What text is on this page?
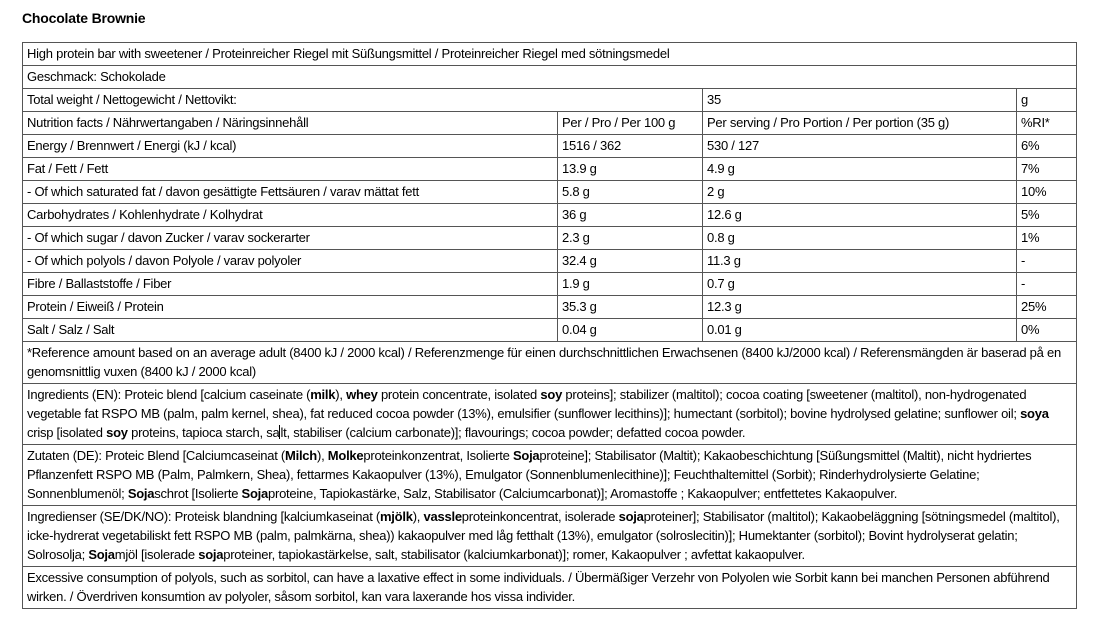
Chocolate Brownie
High protein bar with sweetener / Proteinreicher Riegel mit Süßungsmittel / Proteinreicher Riegel med sötningsmedel			
Geschmack: Schokolade			
Total weight / Nettogewicht / Nettovikt:		35	g
Nutrition facts / Nährwertangaben / Näringsinnehåll	Per / Pro / Per 100 g	Per serving / Pro Portion / Per portion (35 g)	%RI*
Energy / Brennwert / Energi (kJ / kcal)	1516 / 362	530 / 127	6%
Fat / Fett / Fett	13.9 g	4.9 g	7%
- Of which saturated fat / davon gesättigte Fettsäuren / varav mättat fett	5.8 g	2 g	10%
Carbohydrates / Kohlenhydrate / Kolhydrat	36 g	12.6 g	5%
- Of which sugar / davon Zucker / varav sockerarter	2.3 g	0.8 g	1%
- Of which polyols / davon Polyole / varav polyoler	32.4 g	11.3 g	-
Fibre / Ballaststoffe / Fiber	1.9 g	0.7 g	-
Protein / Eiweiß / Protein	35.3 g	12.3 g	25%
Salt / Salz / Salt	0.04 g	0.01 g	0%
*Reference amount based on an average adult (8400 kJ / 2000 kcal) / Referenzmenge für einen durchschnittlichen Erwachsenen (8400 kJ/2000 kcal) / Referensmängden är baserad på en genomsnittlig vuxen (8400 kJ / 2000 kcal)			
Ingredients (EN): Proteic blend [calcium caseinate (milk), whey protein concentrate, isolated soy proteins]; stabilizer (maltitol); cocoa coating [sweetener (maltitol), non-hydrogenated vegetable fat RSPO MB (palm, palm kernel, shea), fat reduced cocoa powder (13%), emulsifier (sunflower lecithins)]; humectant (sorbitol); bovine hydrolysed gelatine; sunflower oil; soya crisp [isolated soy proteins, tapioca starch, salt, stabiliser (calcium carbonate)]; flavourings; cocoa powder; defatted cocoa powder.			
Zutaten (DE): Proteic Blend [Calciumcaseinat (Milch), Molkeproteinkonzentrat, Isolierte Sojaproteine]; Stabilisator (Maltit); Kakaobeschichtung [Süßungsmittel (Maltit), nicht hydriertes Pflanzenfett RSPO MB (Palm, Palmkern, Shea), fettarmes Kakaopulver (13%), Emulgator (Sonnenblumenlecithine)]; Feuchthaltemittel (Sorbit); Rinderhydrolysierte Gelatine; Sonnenblumenöl; Sojaschrot [Isolierte Sojaproteine, Tapiokastärke, Salz, Stabilisator (Calciumcarbonat)]; Aromastoffe ; Kakaopulver; entfettetes Kakaopulver.			
Ingredienser (SE/DK/NO): Proteisk blandning [kalciumkaseinat (mjölk), vassleproteinkoncentrat, isolerade sojaproteiner]; Stabilisator (maltitol); Kakaobeläggning [sötningsmedel (maltitol), icke-hydrerat vegetabiliskt fett RSPO MB (palm, palmkärna, shea)) kakaopulver med låg fetthalt (13%), emulgator (solroslecitin)]; Humektanter (sorbitol); Bovint hydrolyserat gelatin; Solrosolja; Sojamjöl [isolerade sojaproteiner, tapiokastärkelse, salt, stabilisator (kalciumkarbonat)]; romer, Kakaopulver ; avfettat kakaopulver.			
Excessive consumption of polyols, such as sorbitol, can have a laxative effect in some individuals. / Übermäßiger Verzehr von Polyolen wie Sorbit kann bei manchen Personen abführend wirken. / Överdriven konsumtion av polyoler, såsom sorbitol, kan vara laxerande hos vissa individer.			
